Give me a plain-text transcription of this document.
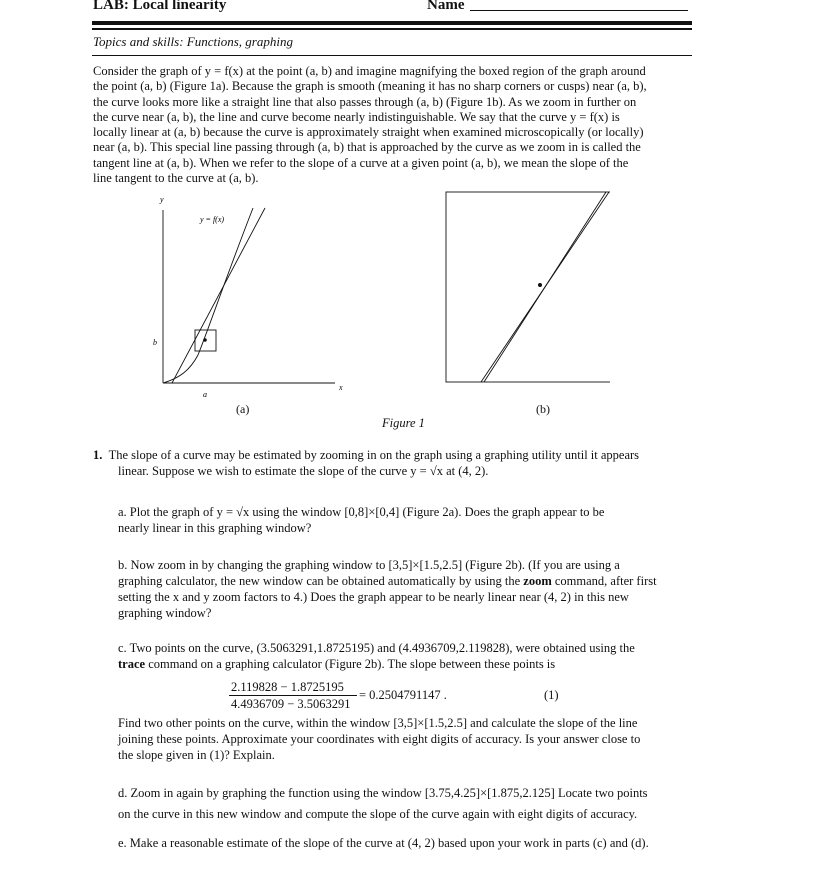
LAB: Local linearity	Name
Topics and skills: Functions, graphing

Consider the graph of y = f(x) at the point (a, b) and imagine magnifying the boxed region of the graph around

the point (a, b) (Figure 1a). Because the graph is smooth (meaning it has no sharp corners or cusps) near (a, b),

the curve looks more like a straight line that also passes through (a, b) (Figure 1b). As we zoom in further on

the curve near (a, b), the line and curve become nearly indistinguishable. We say that the curve y = f(x) is

locally linear at (a, b) because the curve is approximately straight when examined microscopically (or locally)

near (a, b). This special line passing through (a, b) that is approached by the curve as we zoom in is called the

tangent line at (a, b). When we refer to the slope of a curve at a given point (a, b), we mean the slope of the

line tangent to the curve at (a, b).

y
x
y = f(x)
b
a
(a)	(b)
Figure 1
1. The slope of a curve may be estimated by zooming in on the graph using a graphing utility until it appears
linear. Suppose we wish to estimate the slope of the curve y = √x at (4, 2).
a. Plot the graph of y = √x using the window [0,8]×[0,4] (Figure 2a). Does the graph appear to be
nearly linear in this graphing window?
b. Now zoom in by changing the graphing window to [3,5]×[1.5,2.5] (Figure 2b). (If you are using a
graphing calculator, the new window can be obtained automatically by using the zoom command, after first
setting the x and y zoom factors to 4.) Does the graph appear to be nearly linear near (4, 2) in this new
graphing window?
c. Two points on the curve, (3.5063291,1.8725195) and (4.4936709,2.119828), were obtained using the
trace command on a graphing calculator (Figure 2b). The slope between these points is
2.119828 − 1.8725195
4.4936709 − 3.5063291
= 0.2504791147 .	(1)
Find two other points on the curve, within the window [3,5]×[1.5,2.5] and calculate the slope of the line
joining these points. Approximate your coordinates with eight digits of accuracy. Is your answer close to
the slope given in (1)? Explain.
d. Zoom in again by graphing the function using the window [3.75,4.25]×[1.875,2.125] Locate two points
on the curve in this new window and compute the slope of the curve again with eight digits of accuracy.
e. Make a reasonable estimate of the slope of the curve at (4, 2) based upon your work in parts (c) and (d).
